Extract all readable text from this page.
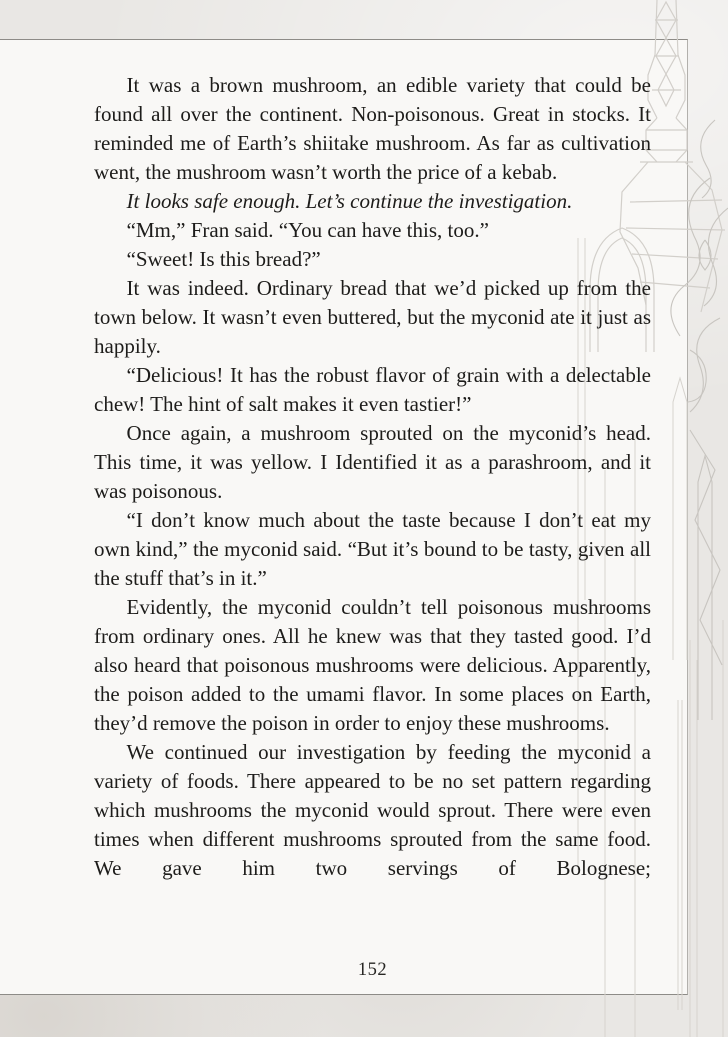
It was a brown mushroom, an edible variety that could be found all over the continent. Non-poisonous. Great in stocks. It reminded me of Earth’s shiitake mushroom. As far as cultivation went, the mushroom wasn’t worth the price of a kebab.

It looks safe enough. Let’s continue the investigation.

“Mm,” Fran said. “You can have this, too.”

“Sweet! Is this bread?”

It was indeed. Ordinary bread that we’d picked up from the town below. It wasn’t even buttered, but the myconid ate it just as happily.

“Delicious! It has the robust flavor of grain with a delectable chew! The hint of salt makes it even tastier!”

Once again, a mushroom sprouted on the myconid’s head. This time, it was yellow. I Identified it as a parashroom, and it was poisonous.

“I don’t know much about the taste because I don’t eat my own kind,” the myconid said. “But it’s bound to be tasty, given all the stuff that’s in it.”

Evidently, the myconid couldn’t tell poisonous mushrooms from ordinary ones. All he knew was that they tasted good. I’d also heard that poisonous mushrooms were delicious. Apparently, the poison added to the umami flavor. In some places on Earth, they’d remove the poison in order to enjoy these mushrooms.

We continued our investigation by feeding the myconid a variety of foods. There appeared to be no set pattern regarding which mushrooms the myconid would sprout. There were even times when different mushrooms sprouted from the same food. We gave him two servings of Bolognese;

152
